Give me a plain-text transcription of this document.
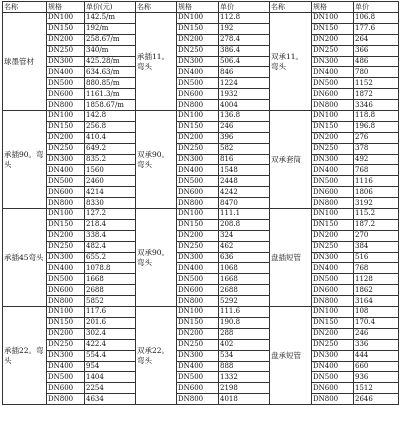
名称	规格	单价(元)	名称	规格	单价	名称	规格	单价
球墨管材	DN100	142.5/m	承插11。弯头	DN100	112.8	双承11。弯头	DN100	106.8
	DN150	192/m		DN150	192		DN150	177.6
	DN200	258.67/m		DN200	278.4		DN200	264
	DN250	340/m		DN250	386.4		DN250	366
	DN300	425.28/m		DN300	506.4		DN300	486
	DN400	634.63/m		DN400	846		DN400	780
	DN500	880.85/m		DN500	1224		DN500	1152
	DN600	1161.3/m		DN600	1932		DN600	1872
	DN800	1858.67/m		DN800	4004		DN800	3346
承插90。弯头	DN100	142.8	双承90。弯头	DN100	136.8	双承套筒	DN100	118.8
	DN150	256.8		DN150	246		DN150	196.8
	DN200	410.4		DN200	396		DN200	276
	DN250	649.2		DN250	582		DN250	378
	DN300	835.2		DN300	816		DN300	492
	DN400	1560		DN400	1548		DN400	768
	DN500	2460		DN500	2448		DN500	1116
	DN600	4214		DN600	4242		DN600	1806
	DN800	8330		DN800	8470		DN800	3192
承插45弯头	DN100	127.2	双承90。弯头	DN100	111.1	盘插短管	DN100	115.2
	DN150	218.4		DN150	208.8		DN150	187.2
	DN200	338.4		DN200	324		DN200	270
	DN250	482.4		DN250	462		DN250	384
	DN300	655.2		DN300	636		DN300	516
	DN400	1078.8		DN400	1068		DN400	768
	DN500	1668		DN500	1668		DN500	1128
	DN600	2688		DN600	2688		DN600	1862
	DN800	5852		DN800	5292		DN800	3164
承插22。弯头	DN100	117.6	双承22。弯头	DN100	111.6	盘承短管	DN100	108
	DN150	201.6		DN150	190.8		DN150	170.4
	DN200	302.4		DN200	288		DN200	246
	DN250	422.4		DN250	402		DN250	336
	DN300	554.4		DN300	534		DN300	444
	DN400	954		DN400	888		DN400	660
	DN500	1404		DN500	1332		DN500	936
	DN600	2254		DN600	2198		DN600	1512
	DN800	4634		DN800	4018		DN800	2646
